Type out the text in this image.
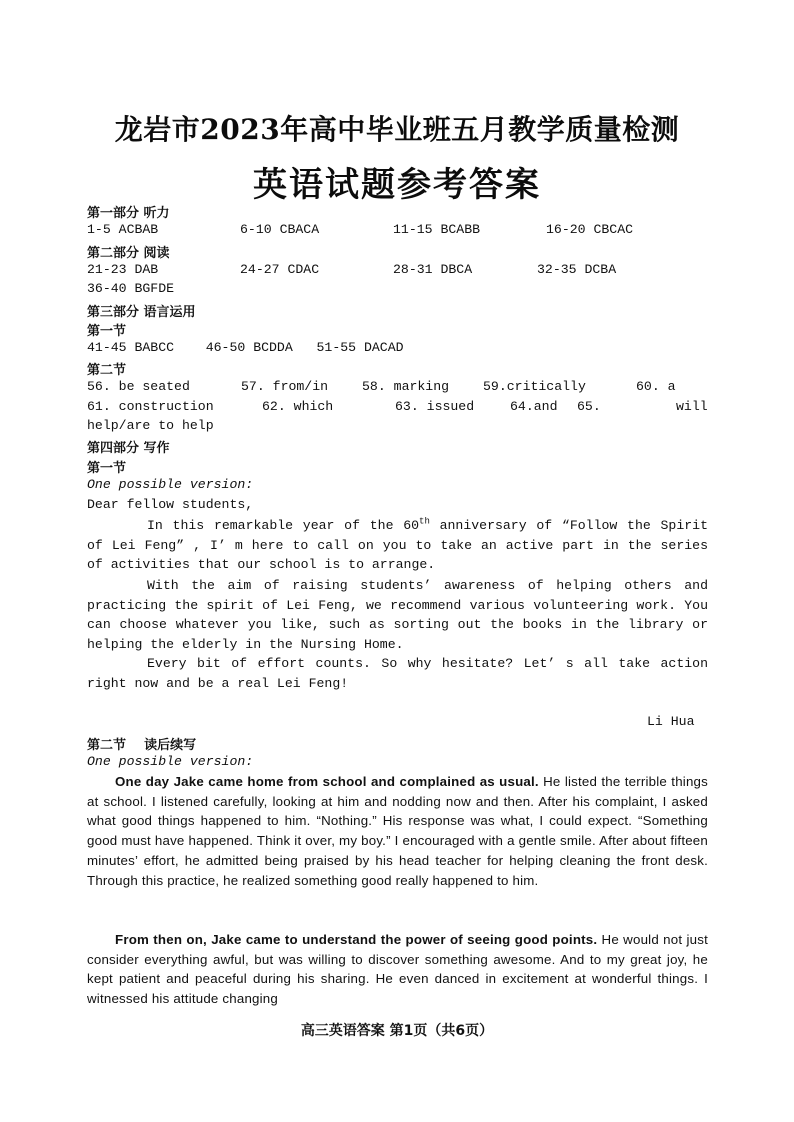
龙岩市2023年高中毕业班五月教学质量检测
英语试题参考答案
第一部分 听力
1-5 ACBAB	6-10 CBACA	11-15 BCABB	16-20 CBCAC
第二部分 阅读
21-23 DAB	24-27 CDAC	28-31 DBCA	32-35 DCBA
36-40 BGFDE
第三部分 语言运用
第一节
41-45 BABCC    46-50 BCDDA   51-55 DACAD
第二节
56. be seated	57. from/in	58. marking	59.critically	60. a
61. construction	62. which	63. issued	64.and 65.	will
help/are to help
第四部分 写作
第一节
One possible version:
Dear fellow students,
In this remarkable year of the 60th anniversary of “Follow the Spirit of Lei Feng” , I’ m here to call on you to take an active part in the series of activities that our school is to arrange.
With the aim of raising students’ awareness of helping others and practicing the spirit of Lei Feng, we recommend various volunteering work. You can choose whatever you like, such as sorting out the books in the library or helping the elderly in the Nursing Home.
Every bit of effort counts. So why hesitate? Let’ s all take action right now and be a real Lei Feng!
Li Hua
第二节    读后续写
One possible version:
One day Jake came home from school and complained as usual. He listed the terrible things at school. I listened carefully, looking at him and nodding now and then. After his complaint, I asked what good things happened to him. “Nothing.” His response was what, I could expect. “Something good must have happened. Think it over, my boy.” I encouraged with a gentle smile. After about fifteen minutes’ effort, he admitted being praised by his head teacher for helping cleaning the front desk. Through this practice, he realized something good really happened to him.
From then on, Jake came to understand the power of seeing good points. He would not just consider everything awful, but was willing to discover something awesome. And to my great joy, he kept patient and peaceful during his sharing. He even danced in excitement at wonderful things. I witnessed his attitude changing
高三英语答案 第1页（共6页）
